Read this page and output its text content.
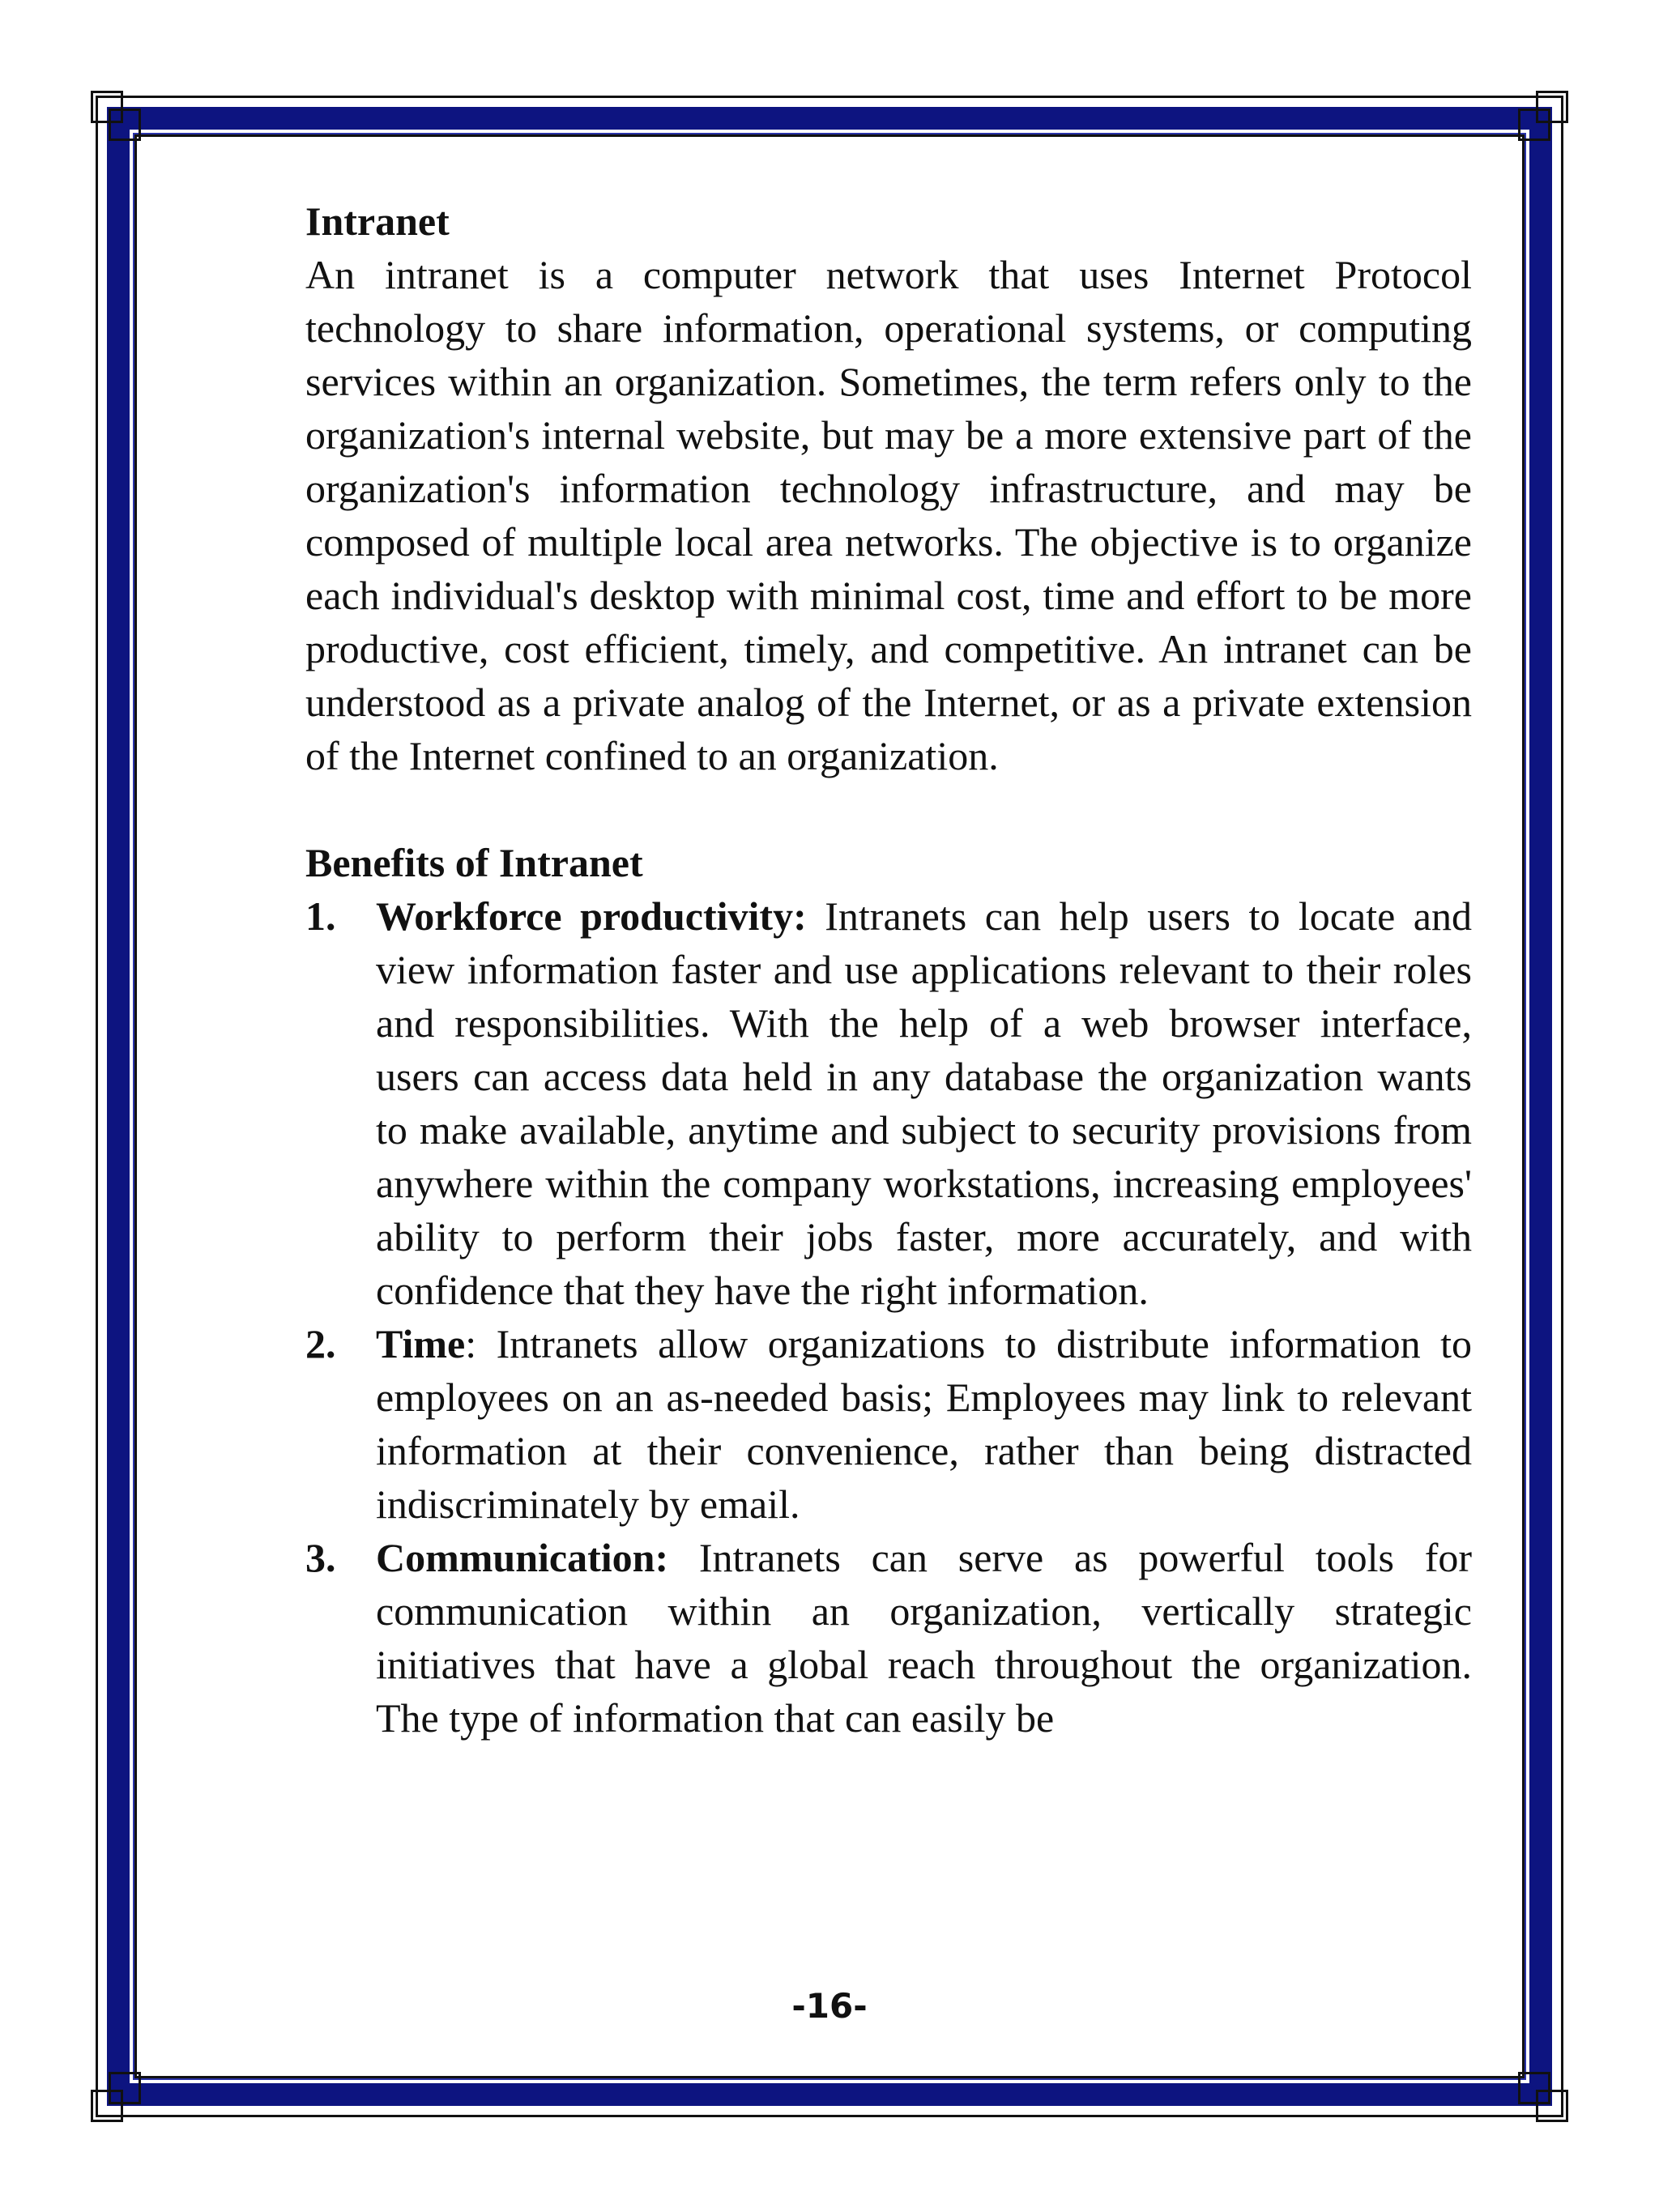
Intranet

An intranet is a computer network that uses Internet Protocol technology to share information, operational systems, or computing services within an organization. Sometimes, the term refers only to the organization's internal website, but may be a more extensive part of the organization's information technology infrastructure, and may be composed of multiple local area networks. The objective is to organize each individual's desktop with minimal cost, time and effort to be more productive, cost efficient, timely, and competitive. An intranet can be understood as a private analog of the Internet, or as a private extension of the Internet confined to an organization.

Benefits of Intranet
1. Workforce productivity: Intranets can help users to locate and view information faster and use applications relevant to their roles and responsibilities. With the help of a web browser interface, users can access data held in any database the organization wants to make available, anytime and subject to security provisions from anywhere within the company workstations, increasing employees' ability to perform their jobs faster, more accurately, and with confidence that they have the right information.
2. Time: Intranets allow organizations to distribute information to employees on an as-needed basis; Employees may link to relevant information at their convenience, rather than being distracted indiscriminately by email.
3. Communication: Intranets can serve as powerful tools for communication within an organization, vertically strategic initiatives that have a global reach throughout the organization. The type of information that can easily be
-16-
